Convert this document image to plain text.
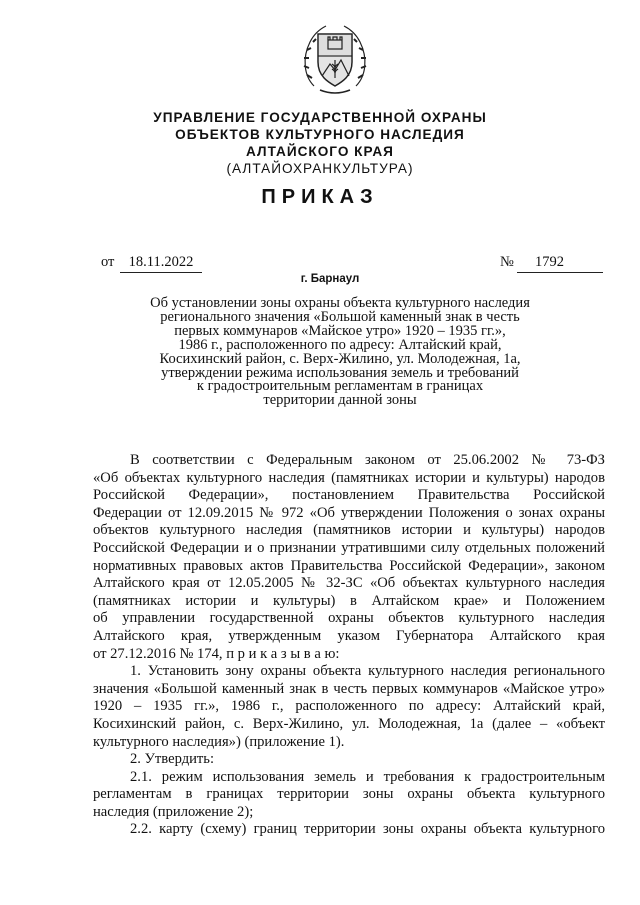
УПРАВЛЕНИЕ ГОСУДАРСТВЕННОЙ ОХРАНЫ
ОБЪЕКТОВ КУЛЬТУРНОГО НАСЛЕДИЯ
АЛТАЙСКОГО КРАЯ
(АЛТАЙОХРАНКУЛЬТУРА)
ПРИКАЗ
от 18.11.2022	№	1792
г. Барнаул
Об установлении зоны охраны объекта культурного наследия
регионального значения «Большой каменный знак в честь
первых коммунаров «Майское утро» 1920 – 1935 гг.»,
1986 г., расположенного по адресу: Алтайский край,
Косихинский район, с. Верх-Жилино, ул. Молодежная, 1а,
утверждении режима использования земель и требований
к градостроительным регламентам в границах
территории данной зоны
В соответствии с Федеральным законом от 25.06.2002 № 73-ФЗ
«Об объектах культурного наследия (памятниках истории и культуры) народов
Российской Федерации», постановлением Правительства Российской
Федерации от 12.09.2015 № 972 «Об утверждении Положения о зонах охраны
объектов культурного наследия (памятников истории и культуры) народов
Российской Федерации и о признании утратившими силу отдельных положений
нормативных правовых актов Правительства Российской Федерации», законом
Алтайского края от 12.05.2005 № 32-ЗС «Об объектах культурного наследия
(памятниках истории и культуры) в Алтайском крае» и Положением
об управлении государственной охраны объектов культурного наследия
Алтайского края, утвержденным указом Губернатора Алтайского края
от 27.12.2016 № 174, п р и к а з ы в а ю:
1. Установить зону охраны объекта культурного наследия регионального
значения «Большой каменный знак в честь первых коммунаров «Майское утро»
1920 – 1935 гг.», 1986 г., расположенного по адресу: Алтайский край,
Косихинский район, с. Верх-Жилино, ул. Молодежная, 1а (далее – «объект
культурного наследия») (приложение 1).
2. Утвердить:
2.1. режим использования земель и требования к градостроительным
регламентам в границах территории зоны охраны объекта культурного
наследия (приложение 2);
2.2. карту (схему) границ территории зоны охраны объекта культурного
